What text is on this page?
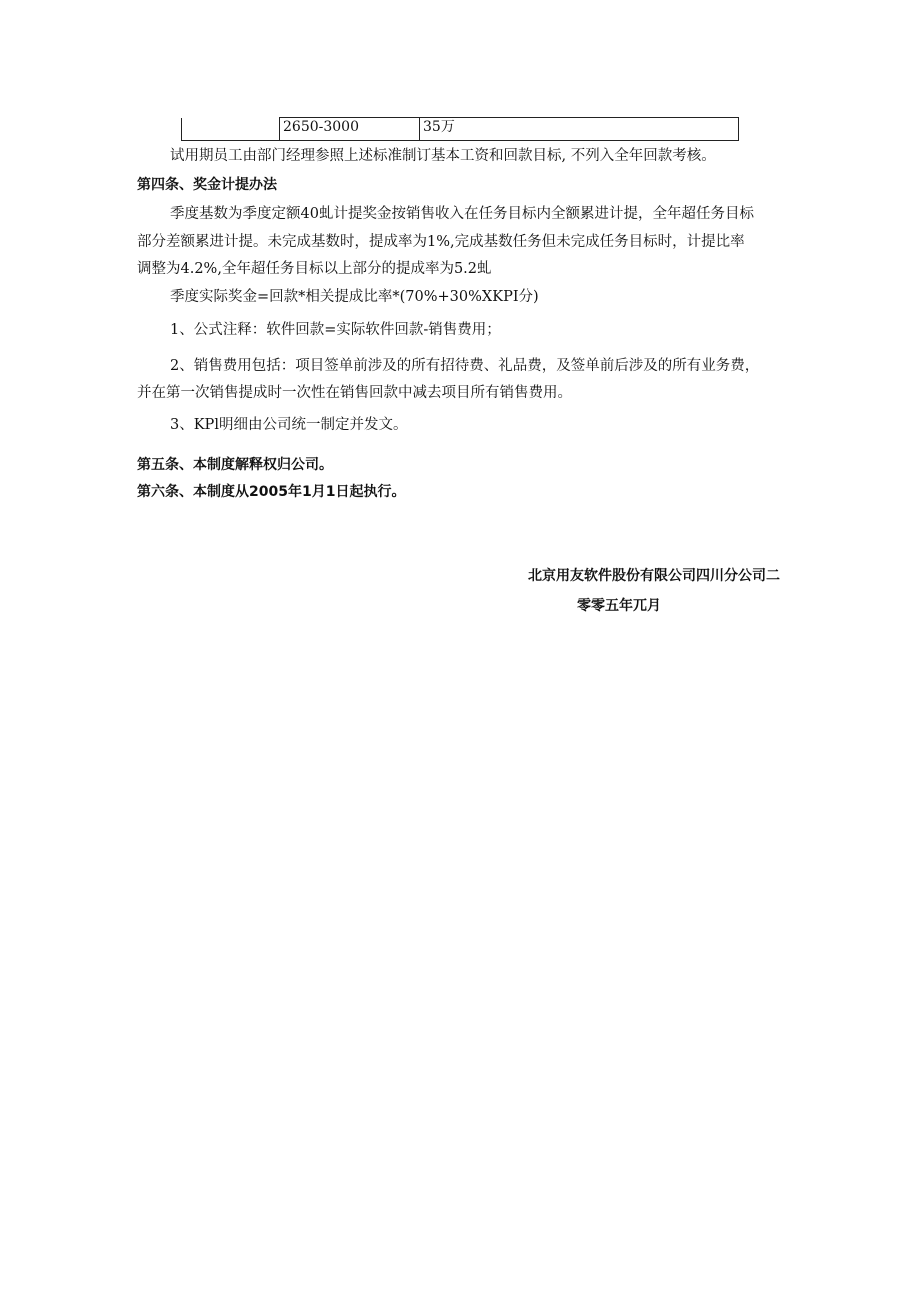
	2650-3000	35万
试用期员工由部门经理参照上述标准制订基本工资和回款目标, 不列入全年回款考核。
第四条、奖金计提办法
季度基数为季度定额40虬计提奖金按销售收入在任务目标内全额累进计提，全年超任务目标
部分差额累进计提。未完成基数时，提成率为1%,完成基数任务但未完成任务目标时，计提比率
调整为4.2%,全年超任务目标以上部分的提成率为5.2虬
季度实际奖金=回款*相关提成比率*(70%+30%XKPI分)
1、公式注释：软件回款=实际软件回款-销售费用；
2、销售费用包括：项目签单前涉及的所有招待费、礼品费，及签单前后涉及的所有业务费，
并在第一次销售提成时一次性在销售回款中减去项目所有销售费用。
3、KPl明细由公司统一制定并发文。
第五条、本制度解释权归公司。
第六条、本制度从2005年1月1日起执行。
北京用友软件股份有限公司四川分公司二
零零五年兀月
